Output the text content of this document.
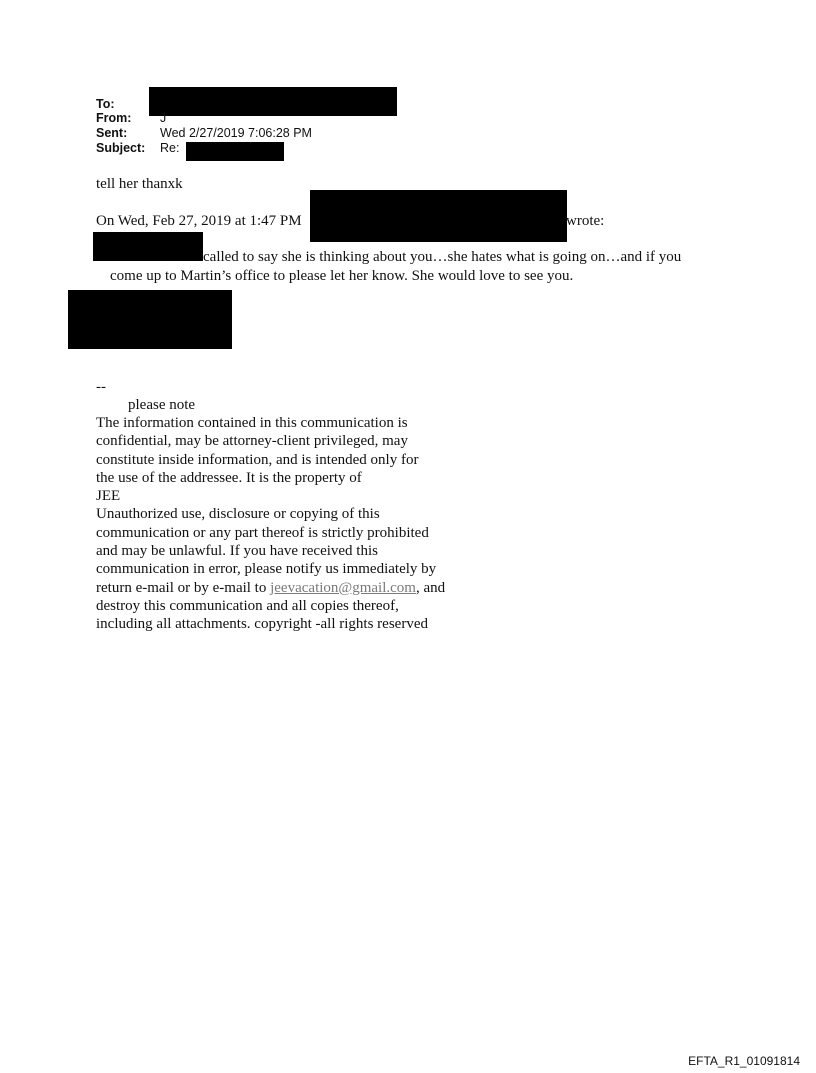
To:
From: J
Sent:	Wed 2/27/2019 7:06:28 PM
Subject: Re:
tell her thanxk
On Wed, Feb 27, 2019 at 1:47 PM	wrote:
called to say she is thinking about you…she hates what is going on…and if you
come up to Martin’s office to please let her know. She would love to see you.
--
please note
The information contained in this communication is
confidential, may be attorney-client privileged, may
constitute inside information, and is intended only for
the use of the addressee. It is the property of
JEE
Unauthorized use, disclosure or copying of this
communication or any part thereof is strictly prohibited
and may be unlawful. If you have received this
communication in error, please notify us immediately by
return e-mail or by e-mail to jeevacation@gmail.com, and
destroy this communication and all copies thereof,
including all attachments. copyright -all rights reserved
EFTA_R1_01091814
